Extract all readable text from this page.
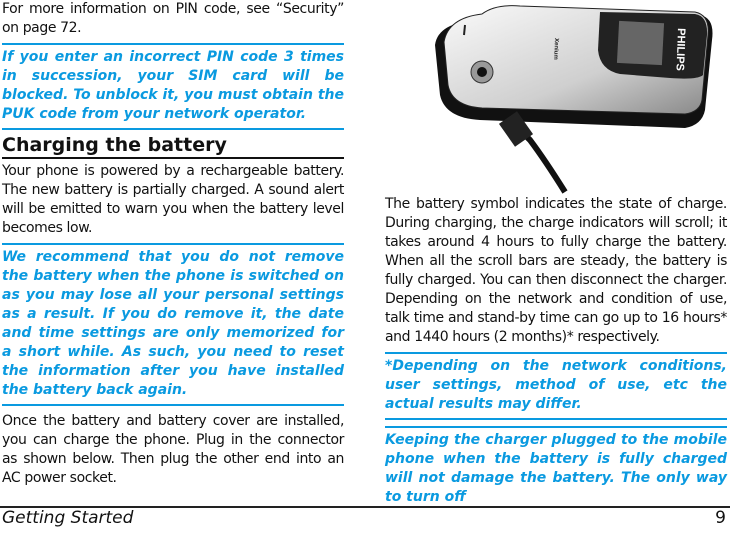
For more information on PIN code, see “Security” on page 72.

If you enter an incorrect PIN code 3 times in succession, your SIM card will be blocked. To unblock it, you must obtain the PUK code from your network operator.
Charging the battery

Your phone is powered by a rechargeable battery. The new battery is partially charged. A sound alert will be emitted to warn you when the battery level becomes low.

We recommend that you do not remove the battery when the phone is switched on as you may lose all your personal settings as a result. If you do remove it, the date and time settings are only memorized for a short while. As such, you need to reset the information after you have installed the battery back again.

Once the battery and battery cover are installed, you can charge the phone. Plug in the connector as shown below. Then plug the other end into an AC power socket.

PHILIPS
Xenium

The battery symbol indicates the state of charge. During charging, the charge indicators will scroll; it takes around 4 hours to fully charge the battery. When all the scroll bars are steady, the battery is fully charged. You can then disconnect the charger. Depending on the network and condition of use, talk time and stand-by time can go up to 16 hours* and 1440 hours (2 months)* respectively.

*Depending on the network conditions, user settings, method of use, etc the actual results may differ.
Keeping the charger plugged to the mobile phone when the battery is fully charged will not damage the battery. The only way to turn off
Getting Started	9
